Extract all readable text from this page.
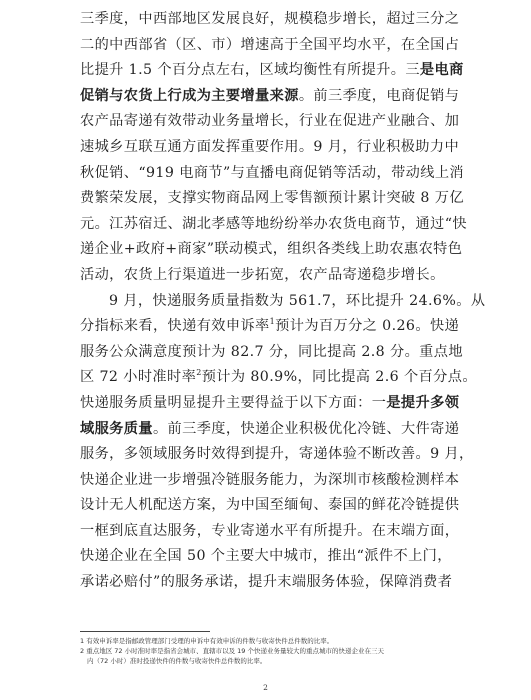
三季度，中西部地区发展良好，规模稳步增长，超过三分之
二的中西部省（区、市）增速高于全国平均水平，在全国占
比提升 1.5 个百分点左右，区域均衡性有所提升。三是电商
促销与农货上行成为主要增量来源。前三季度，电商促销与
农产品寄递有效带动业务量增长，行业在促进产业融合、加
速城乡互联互通方面发挥重要作用。9 月，行业积极助力中
秋促销、“919 电商节”与直播电商促销等活动，带动线上消
费繁荣发展，支撑实物商品网上零售额预计累计突破 8 万亿
元。江苏宿迁、湖北孝感等地纷纷举办农货电商节，通过“快
递企业+政府+商家”联动模式，组织各类线上助农惠农特色
活动，农货上行渠道进一步拓宽，农产品寄递稳步增长。
9 月，快递服务质量指数为 561.7，环比提升 24.6%。从
分指标来看，快递有效申诉率$^1$预计为百万分之 0.26。快递
服务公众满意度预计为 82.7 分，同比提高 2.8 分。重点地
区 72 小时准时率$^2$预计为 80.9%，同比提高 2.6 个百分点。
快递服务质量明显提升主要得益于以下方面：一是提升多领
域服务质量。前三季度，快递企业积极优化冷链、大件寄递
服务，多领域服务时效得到提升，寄递体验不断改善。9 月，
快递企业进一步增强冷链服务能力，为深圳市核酸检测样本
设计无人机配送方案，为中国至缅甸、泰国的鲜花冷链提供
一框到底直达服务，专业寄递水平有所提升。在末端方面，
快递企业在全国 50 个主要大中城市，推出“派件不上门，
承诺必赔付”的服务承诺，提升末端服务体验，保障消费者
1 有效申诉率是指邮政管理部门受理的申诉中有效申诉的件数与收寄快件总件数的比率。
2 重点地区 72 小时准时率是指省会城市、直辖市以及 19 个快递业务量较大的重点城市的快递企业在三天
内（72 小时）准时投递快件的件数与收寄快件总件数的比率。
2
